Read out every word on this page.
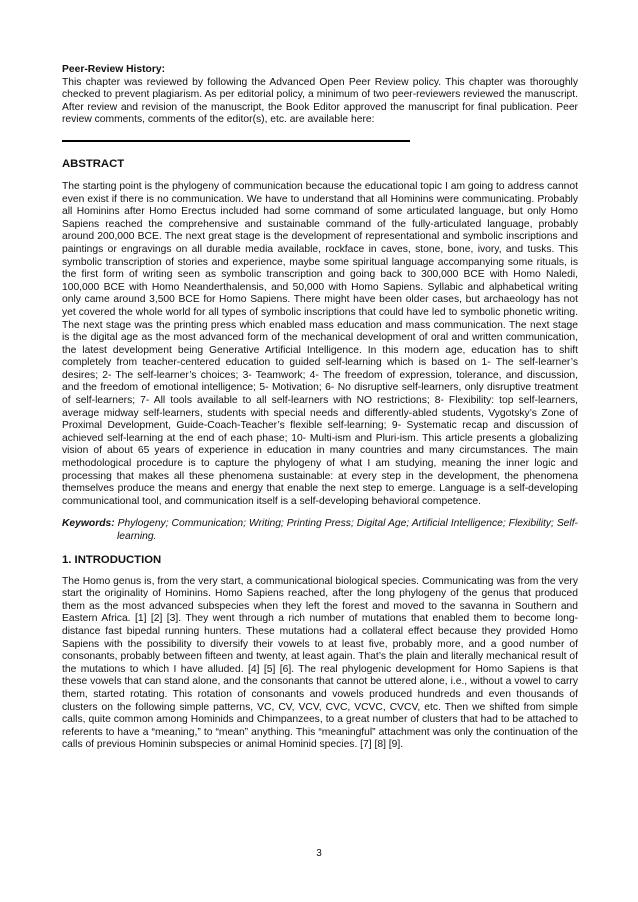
Peer-Review History:

This chapter was reviewed by following the Advanced Open Peer Review policy. This chapter was thoroughly checked to prevent plagiarism. As per editorial policy, a minimum of two peer-reviewers reviewed the manuscript. After review and revision of the manuscript, the Book Editor approved the manuscript for final publication. Peer review comments, comments of the editor(s), etc. are available here:

ABSTRACT

The starting point is the phylogeny of communication because the educational topic I am going to address cannot even exist if there is no communication. We have to understand that all Hominins were communicating. Probably all Hominins after Homo Erectus included had some command of some articulated language, but only Homo Sapiens reached the comprehensive and sustainable command of the fully-articulated language, probably around 200,000 BCE. The next great stage is the development of representational and symbolic inscriptions and paintings or engravings on all durable media available, rockface in caves, stone, bone, ivory, and tusks. This symbolic transcription of stories and experience, maybe some spiritual language accompanying some rituals, is the first form of writing seen as symbolic transcription and going back to 300,000 BCE with Homo Naledi, 100,000 BCE with Homo Neanderthalensis, and 50,000 with Homo Sapiens. Syllabic and alphabetical writing only came around 3,500 BCE for Homo Sapiens. There might have been older cases, but archaeology has not yet covered the whole world for all types of symbolic inscriptions that could have led to symbolic phonetic writing. The next stage was the printing press which enabled mass education and mass communication. The next stage is the digital age as the most advanced form of the mechanical development of oral and written communication, the latest development being Generative Artificial Intelligence. In this modern age, education has to shift completely from teacher-centered education to guided self-learning which is based on 1- The self-learner’s desires; 2- The self-learner’s choices; 3- Teamwork; 4- The freedom of expression, tolerance, and discussion, and the freedom of emotional intelligence; 5- Motivation; 6- No disruptive self-learners, only disruptive treatment of self-learners; 7- All tools available to all self-learners with NO restrictions; 8- Flexibility: top self-learners, average midway self-learners, students with special needs and differently-abled students, Vygotsky’s Zone of Proximal Development, Guide-Coach-Teacher’s flexible self-learning; 9- Systematic recap and discussion of achieved self-learning at the end of each phase; 10- Multi-ism and Pluri-ism. This article presents a globalizing vision of about 65 years of experience in education in many countries and many circumstances. The main methodological procedure is to capture the phylogeny of what I am studying, meaning the inner logic and processing that makes all these phenomena sustainable: at every step in the development, the phenomena themselves produce the means and energy that enable the next step to emerge. Language is a self-developing communicational tool, and communication itself is a self-developing behavioral competence.

Keywords: Phylogeny; Communication; Writing; Printing Press; Digital Age; Artificial Intelligence; Flexibility; Self-learning.

1. INTRODUCTION

The Homo genus is, from the very start, a communicational biological species. Communicating was from the very start the originality of Hominins. Homo Sapiens reached, after the long phylogeny of the genus that produced them as the most advanced subspecies when they left the forest and moved to the savanna in Southern and Eastern Africa. [1] [2] [3]. They went through a rich number of mutations that enabled them to become long-distance fast bipedal running hunters. These mutations had a collateral effect because they provided Homo Sapiens with the possibility to diversify their vowels to at least five, probably more, and a good number of consonants, probably between fifteen and twenty, at least again. That’s the plain and literally mechanical result of the mutations to which I have alluded. [4] [5] [6]. The real phylogenic development for Homo Sapiens is that these vowels that can stand alone, and the consonants that cannot be uttered alone, i.e., without a vowel to carry them, started rotating. This rotation of consonants and vowels produced hundreds and even thousands of clusters on the following simple patterns, VC, CV, VCV, CVC, VCVC, CVCV, etc. Then we shifted from simple calls, quite common among Hominids and Chimpanzees, to a great number of clusters that had to be attached to referents to have a “meaning,” to “mean” anything. This “meaningful” attachment was only the continuation of the calls of previous Hominin subspecies or animal Hominid species. [7] [8] [9].

3
